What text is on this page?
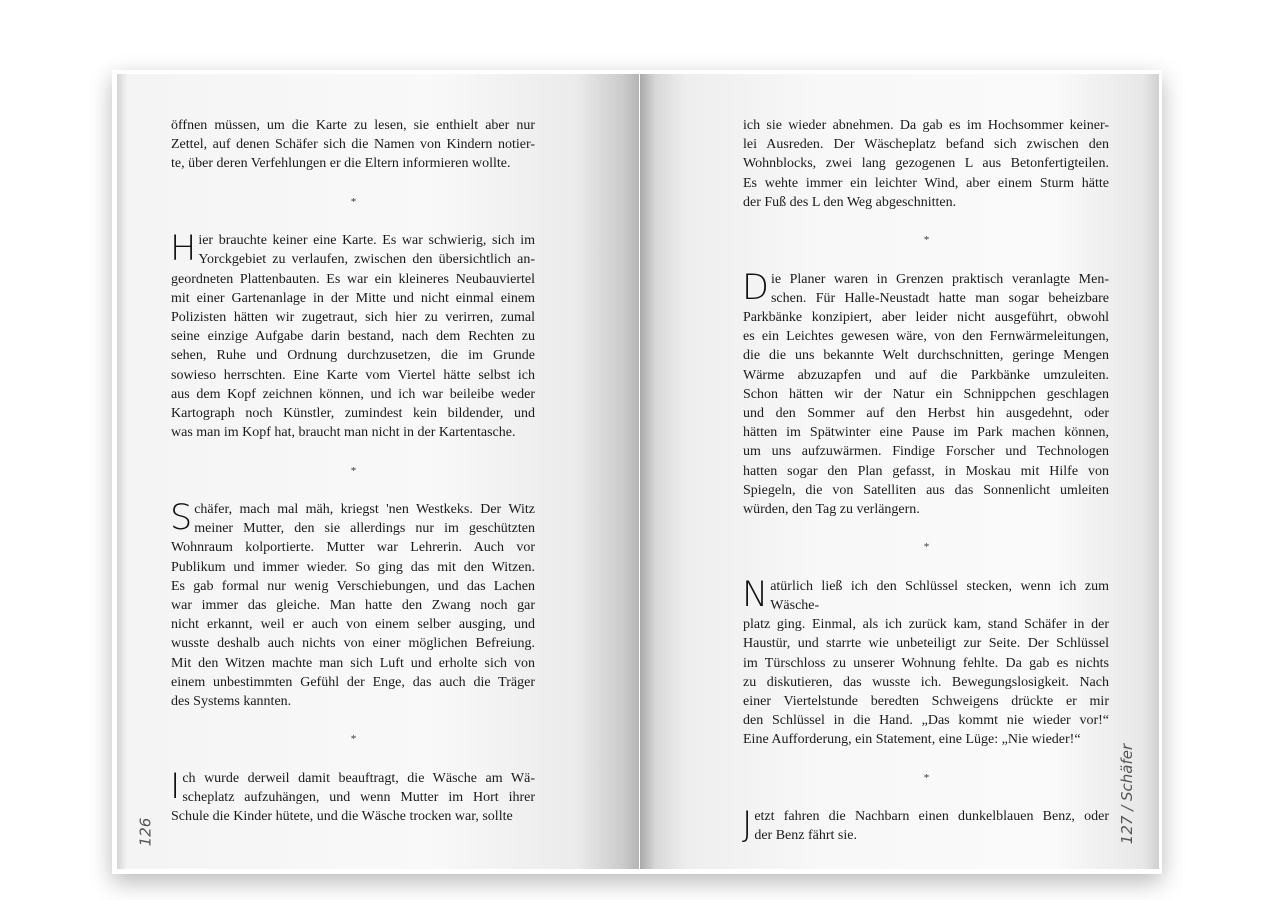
öffnen müssen, um die Karte zu lesen, sie enthielt aber nur
Zettel, auf denen Schäfer sich die Namen von Kindern notier-
te, über deren Verfehlungen er die Eltern informieren wollte.

*

H ier brauchte keiner eine Karte. Es war schwierig, sich im
Yorckgebiet zu verlaufen, zwischen den übersichtlich an-
geordneten Plattenbauten. Es war ein kleineres Neubauviertel
mit einer Gartenanlage in der Mitte und nicht einmal einem
Polizisten hätten wir zugetraut, sich hier zu verirren, zumal
seine einzige Aufgabe darin bestand, nach dem Rechten zu
sehen, Ruhe und Ordnung durchzusetzen, die im Grunde
sowieso herrschten. Eine Karte vom Viertel hätte selbst ich
aus dem Kopf zeichnen können, und ich war beileibe weder
Kartograph noch Künstler, zumindest kein bildender, und
was man im Kopf hat, braucht man nicht in der Kartentasche.

*

S chäfer, mach mal mäh, kriegst 'nen Westkeks. Der Witz
meiner Mutter, den sie allerdings nur im geschützten
Wohnraum kolportierte. Mutter war Lehrerin. Auch vor
Publikum und immer wieder. So ging das mit den Witzen.
Es gab formal nur wenig Verschiebungen, und das Lachen
war immer das gleiche. Man hatte den Zwang noch gar
nicht erkannt, weil er auch von einem selber ausging, und
wusste deshalb auch nichts von einer möglichen Befreiung.
Mit den Witzen machte man sich Luft und erholte sich von
einem unbestimmten Gefühl der Enge, das auch die Träger
des Systems kannten.

*

I ch wurde derweil damit beauftragt, die Wäsche am Wä-
scheplatz aufzuhängen, und wenn Mutter im Hort ihrer
Schule die Kinder hütete, und die Wäsche trocken war, sollte

126

ich sie wieder abnehmen. Da gab es im Hochsommer keiner-
lei Ausreden. Der Wäscheplatz befand sich zwischen den
Wohnblocks, zwei lang gezogenen L aus Betonfertigteilen.
Es wehte immer ein leichter Wind, aber einem Sturm hätte
der Fuß des L den Weg abgeschnitten.

*

D ie Planer waren in Grenzen praktisch veranlagte Men-
schen. Für Halle-Neustadt hatte man sogar beheizbare
Parkbänke konzipiert, aber leider nicht ausgeführt, obwohl
es ein Leichtes gewesen wäre, von den Fernwärmeleitungen,
die die uns bekannte Welt durchschnitten, geringe Mengen
Wärme abzuzapfen und auf die Parkbänke umzuleiten.
Schon hätten wir der Natur ein Schnippchen geschlagen
und den Sommer auf den Herbst hin ausgedehnt, oder
hätten im Spätwinter eine Pause im Park machen können,
um uns aufzuwärmen. Findige Forscher und Technologen
hatten sogar den Plan gefasst, in Moskau mit Hilfe von
Spiegeln, die von Satelliten aus das Sonnenlicht umleiten
würden, den Tag zu verlängern.

*

N atürlich ließ ich den Schlüssel stecken, wenn ich zum Wäsche-
platz ging. Einmal, als ich zurück kam, stand Schäfer in der
Haustür, und starrte wie unbeteiligt zur Seite. Der Schlüssel
im Türschloss zu unserer Wohnung fehlte. Da gab es nichts
zu diskutieren, das wusste ich. Bewegungslosigkeit. Nach
einer Viertelstunde beredten Schweigens drückte er mir
den Schlüssel in die Hand. „Das kommt nie wieder vor!“
Eine Aufforderung, ein Statement, eine Lüge: „Nie wieder!“

*

J etzt fahren die Nachbarn einen dunkelblauen Benz, oder
der Benz fährt sie.	127 / Schäfer
